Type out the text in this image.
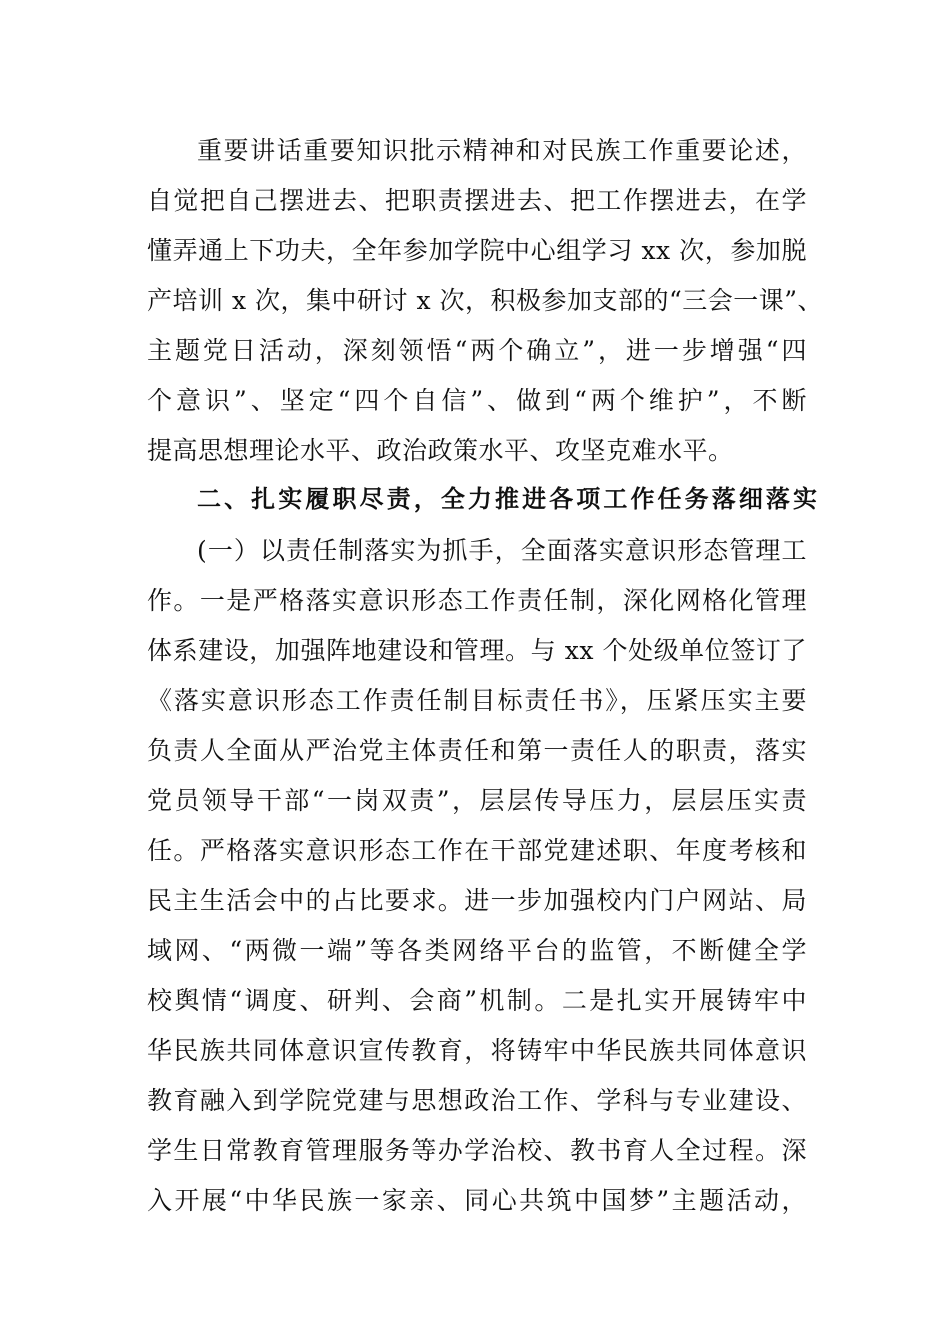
重要讲话重要知识批示精神和对民族工作重要论述，
自觉把自己摆进去、把职责摆进去、把工作摆进去，在学
懂弄通上下功夫，全年参加学院中心组学习 xx 次，参加脱
产培训 x 次，集中研讨 x 次，积极参加支部的“三会一课”、
主题党日活动，深刻领悟“两个确立”，进一步增强“四
个意识”、坚定“四个自信”、做到“两个维护”，不断
提高思想理论水平、政治政策水平、攻坚克难水平。
二、扎实履职尽责，全力推进各项工作任务落细落实
(一）以责任制落实为抓手，全面落实意识形态管理工
作。一是严格落实意识形态工作责任制，深化网格化管理
体系建设，加强阵地建设和管理。与 xx 个处级单位签订了
《落实意识形态工作责任制目标责任书》，压紧压实主要
负责人全面从严治党主体责任和第一责任人的职责，落实
党员领导干部“一岗双责”，层层传导压力，层层压实责
任。严格落实意识形态工作在干部党建述职、年度考核和
民主生活会中的占比要求。进一步加强校内门户网站、局
域网、“两微一端”等各类网络平台的监管，不断健全学
校舆情“调度、研判、会商”机制。二是扎实开展铸牢中
华民族共同体意识宣传教育，将铸牢中华民族共同体意识
教育融入到学院党建与思想政治工作、学科与专业建设、
学生日常教育管理服务等办学治校、教书育人全过程。深
入开展“中华民族一家亲、同心共筑中国梦”主题活动，
